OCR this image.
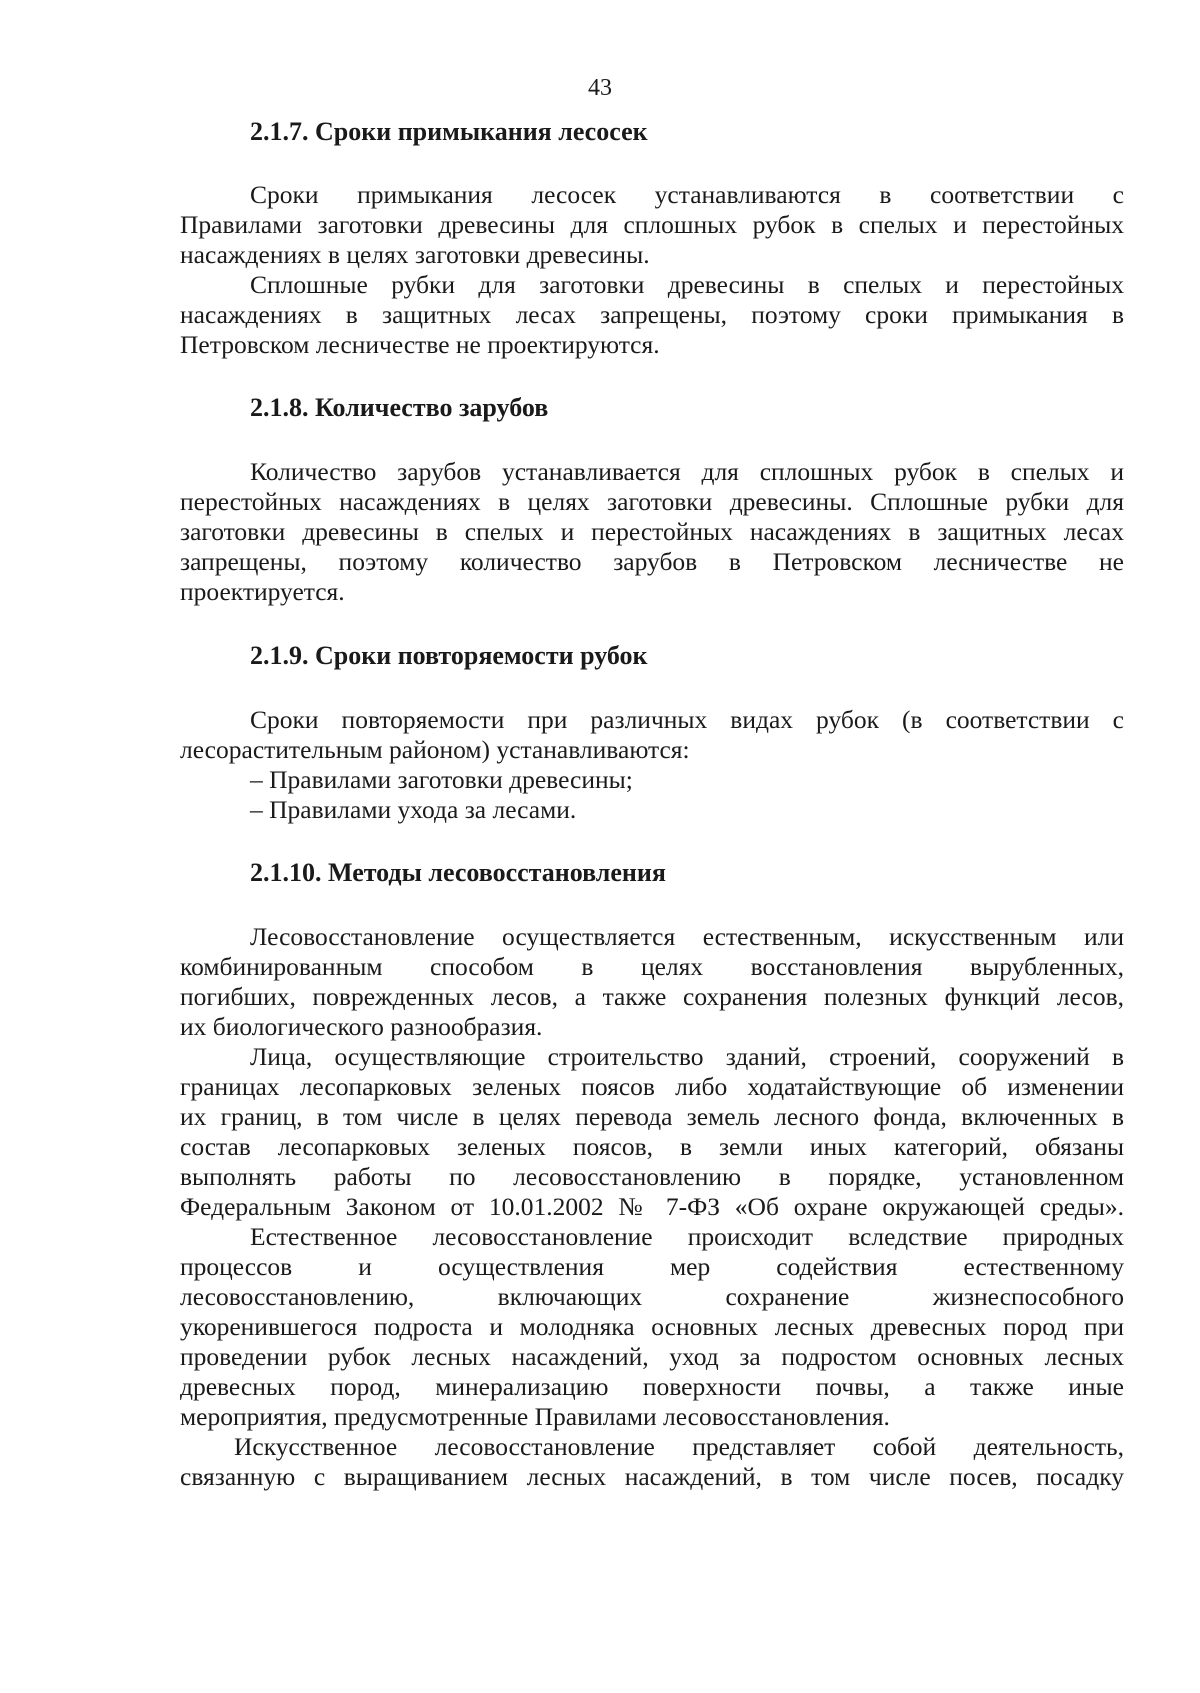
43
2.1.7. Сроки примыкания лесосек
Сроки примыкания лесосек устанавливаются в соответствии с
Правилами заготовки древесины для сплошных рубок в спелых и перестойных
насаждениях в целях заготовки древесины.
Сплошные рубки для заготовки древесины в спелых и перестойных
насаждениях в защитных лесах запрещены, поэтому сроки примыкания в
Петровском лесничестве не проектируются.
2.1.8. Количество зарубов
Количество зарубов устанавливается для сплошных рубок в спелых и
перестойных насаждениях в целях заготовки древесины. Сплошные рубки для
заготовки древесины в спелых и перестойных насаждениях в защитных лесах
запрещены, поэтому количество зарубов в Петровском лесничестве не
проектируется.
2.1.9. Сроки повторяемости рубок
Сроки повторяемости при различных видах рубок (в соответствии с
лесорастительным районом) устанавливаются:
– Правилами заготовки древесины;
– Правилами ухода за лесами.
2.1.10. Методы лесовосстановления
Лесовосстановление осуществляется естественным, искусственным или
комбинированным способом в целях восстановления вырубленных,
погибших, поврежденных лесов, а также сохранения полезных функций лесов,
их биологического разнообразия.
Лица, осуществляющие строительство зданий, строений, сооружений в
границах лесопарковых зеленых поясов либо ходатайствующие об изменении
их границ, в том числе в целях перевода земель лесного фонда, включенных в
состав лесопарковых зеленых поясов, в земли иных категорий, обязаны
выполнять работы по лесовосстановлению в порядке, установленном
Федеральным Законом от 10.01.2002 № 7-ФЗ «Об охране окружающей среды».
Естественное лесовосстановление происходит вследствие природных
процессов и осуществления мер содействия естественному
лесовосстановлению, включающих сохранение жизнеспособного
укоренившегося подроста и молодняка основных лесных древесных пород при
проведении рубок лесных насаждений, уход за подростом основных лесных
древесных пород, минерализацию поверхности почвы, а также иные
мероприятия, предусмотренные Правилами лесовосстановления.
Искусственное лесовосстановление представляет собой деятельность,
связанную с выращиванием лесных насаждений, в том числе посев, посадку
